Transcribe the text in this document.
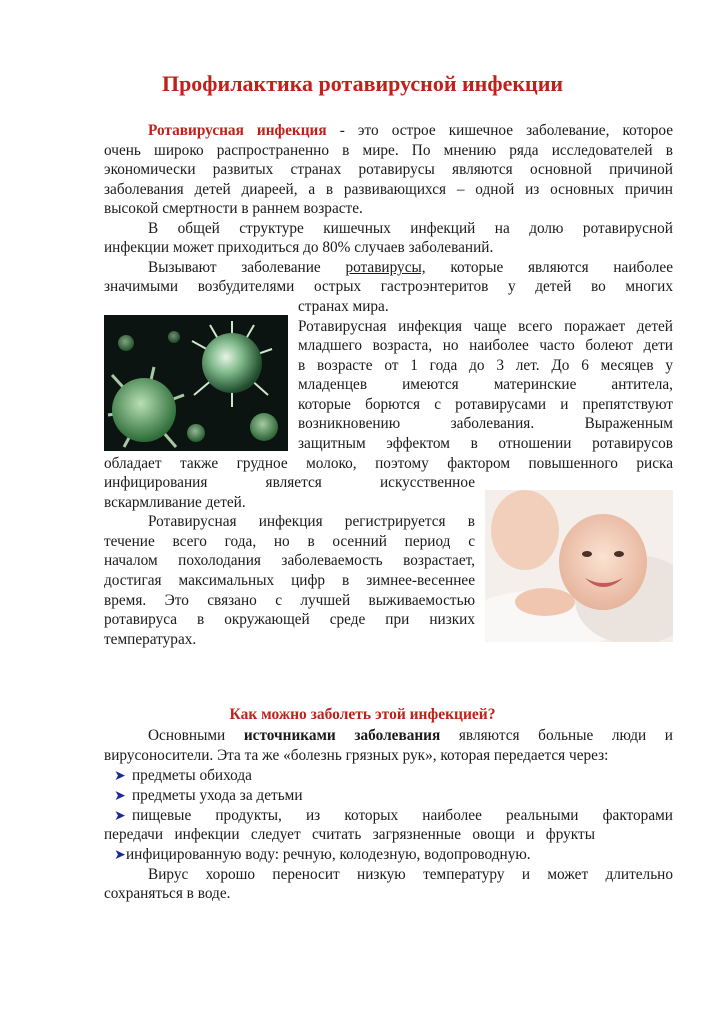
Профилактика ротавирусной инфекции
Ротавирусная инфекция - это острое кишечное заболевание, которое
очень широко распространенно в мире. По мнению ряда исследователей в
экономически развитых странах ротавирусы являются основной причиной
заболевания детей диареей, а в развивающихся – одной из основных причин
высокой смертности в раннем возрасте.
В общей структуре кишечных инфекций на долю ротавирусной
инфекции может приходиться до 80% случаев заболеваний.
Вызывают заболевание ротавирусы, которые являются наиболее
значимыми возбудителями острых гастроэнтеритов у детей во многих
странах мира.
Ротавирусная инфекция чаще всего поражает детей
младшего возраста, но наиболее часто болеют дети
в возрасте от 1 года до 3 лет. До 6 месяцев у
младенцев имеются материнские антитела,
которые борются с ротавирусами и препятствуют
возникновению заболевания. Выраженным
защитным эффектом в отношении ротавирусов
обладает также грудное молоко, поэтому фактором повышенного риска
инфицирования является искусственное
вскармливание детей.
Ротавирусная инфекция регистрируется в
течение всего года, но в осенний период с
началом похолодания заболеваемость возрастает,
достигая максимальных цифр в зимнее-весеннее
время. Это связано с лучшей выживаемостью
ротавируса в окружающей среде при низких
температурах.
Как можно заболеть этой инфекцией?
Основными источниками заболевания являются больные люди и
вирусоносители. Эта та же «болезнь грязных рук», которая передается через:
➤ предметы обихода
➤ предметы ухода за детьми
➤ пищевые продукты, из которых наиболее реальными факторами
передачи инфекции следует считать загрязненные овощи и фрукты
➤инфицированную воду: речную, колодезную, водопроводную.
Вирус хорошо переносит низкую температуру и может длительно
сохраняться в воде.
